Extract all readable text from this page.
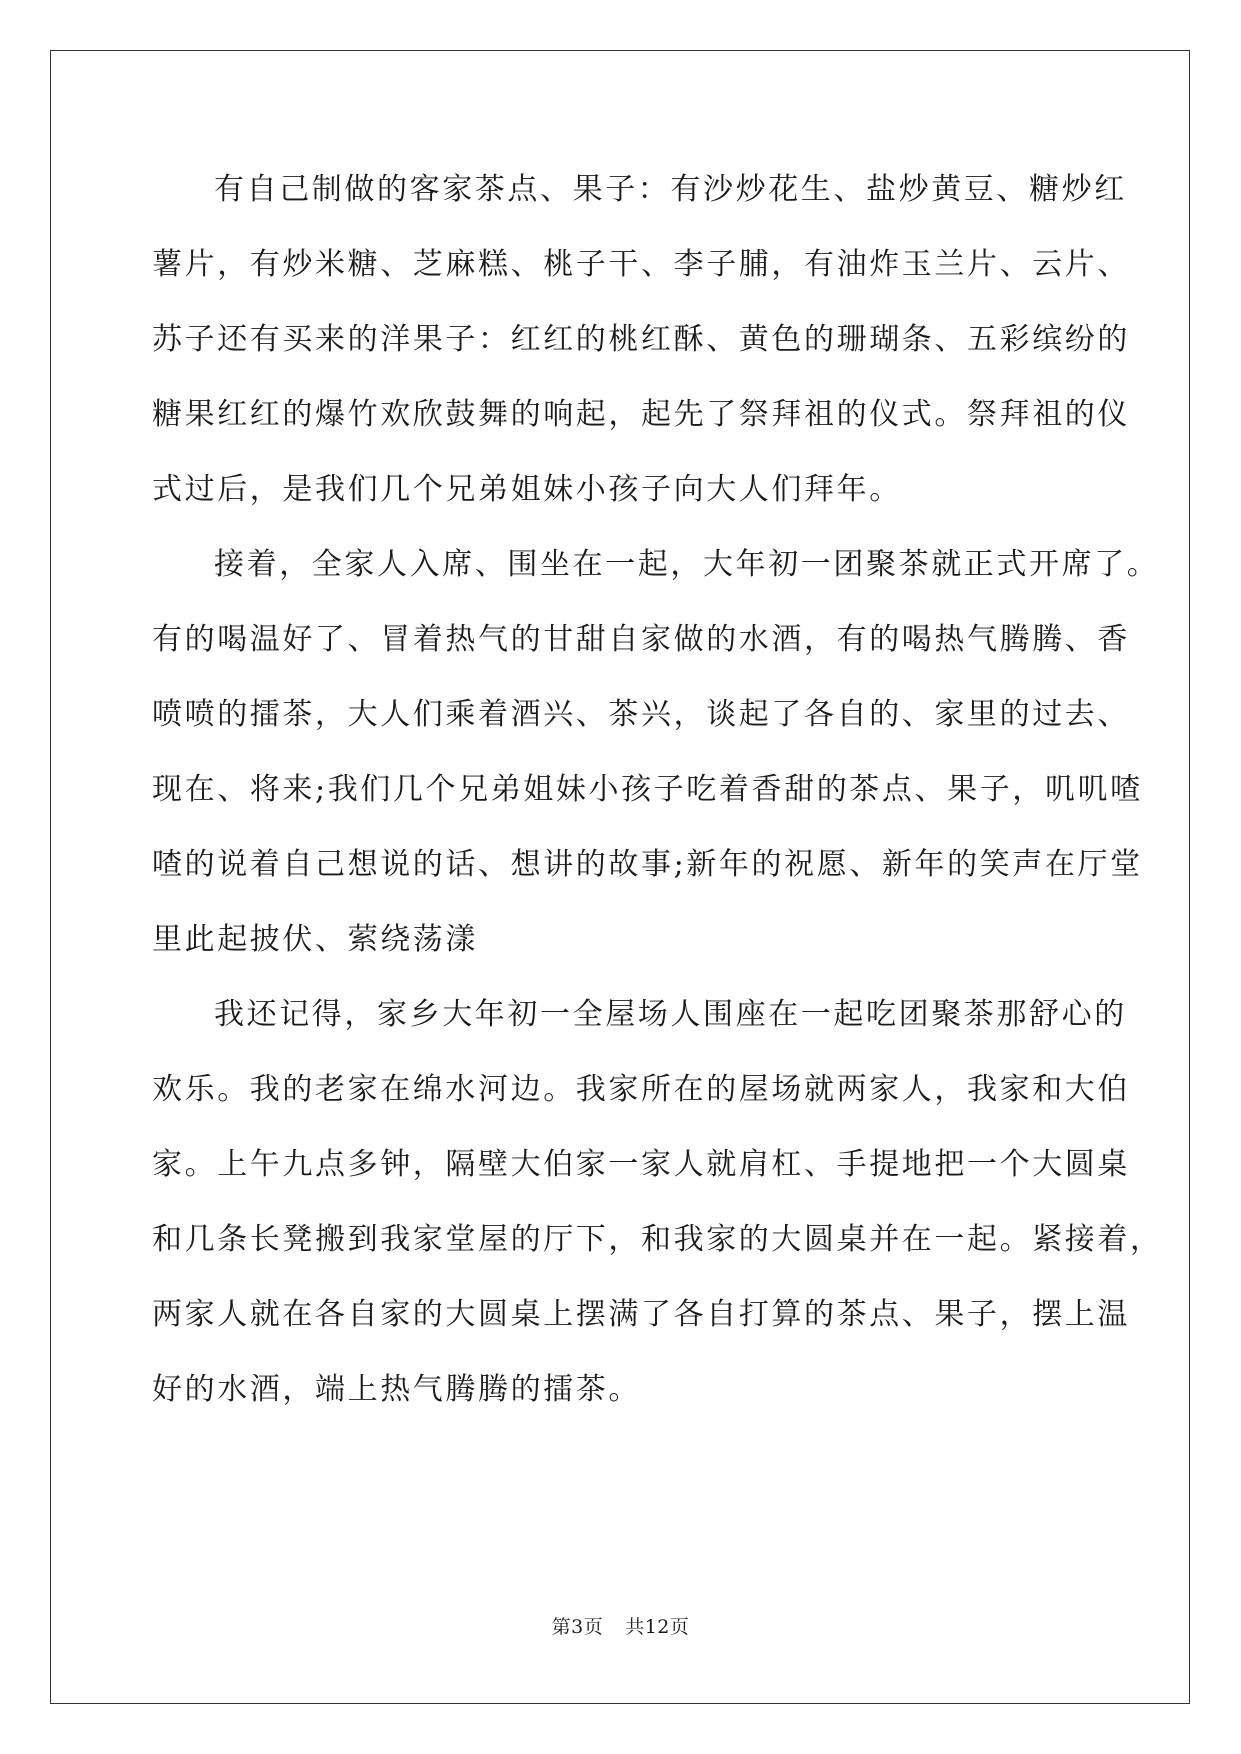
有自己制做的客家茶点、果子：有沙炒花生、盐炒黄豆、糖炒红
薯片，有炒米糖、芝麻糕、桃子干、李子脯，有油炸玉兰片、云片、
苏子还有买来的洋果子：红红的桃红酥、黄色的珊瑚条、五彩缤纷的
糖果红红的爆竹欢欣鼓舞的响起，起先了祭拜祖的仪式。祭拜祖的仪
式过后，是我们几个兄弟姐妹小孩子向大人们拜年。
接着，全家人入席、围坐在一起，大年初一团聚茶就正式开席了。
有的喝温好了、冒着热气的甘甜自家做的水酒，有的喝热气腾腾、香
喷喷的擂茶，大人们乘着酒兴、茶兴，谈起了各自的、家里的过去、
现在、将来;我们几个兄弟姐妹小孩子吃着香甜的茶点、果子，叽叽喳
喳的说着自己想说的话、想讲的故事;新年的祝愿、新年的笑声在厅堂
里此起披伏、萦绕荡漾
我还记得，家乡大年初一全屋场人围座在一起吃团聚茶那舒心的
欢乐。我的老家在绵水河边。我家所在的屋场就两家人，我家和大伯
家。上午九点多钟，隔壁大伯家一家人就肩杠、手提地把一个大圆桌
和几条长凳搬到我家堂屋的厅下，和我家的大圆桌并在一起。紧接着，
两家人就在各自家的大圆桌上摆满了各自打算的茶点、果子，摆上温
好的水酒，端上热气腾腾的擂茶。
第3页 共12页
